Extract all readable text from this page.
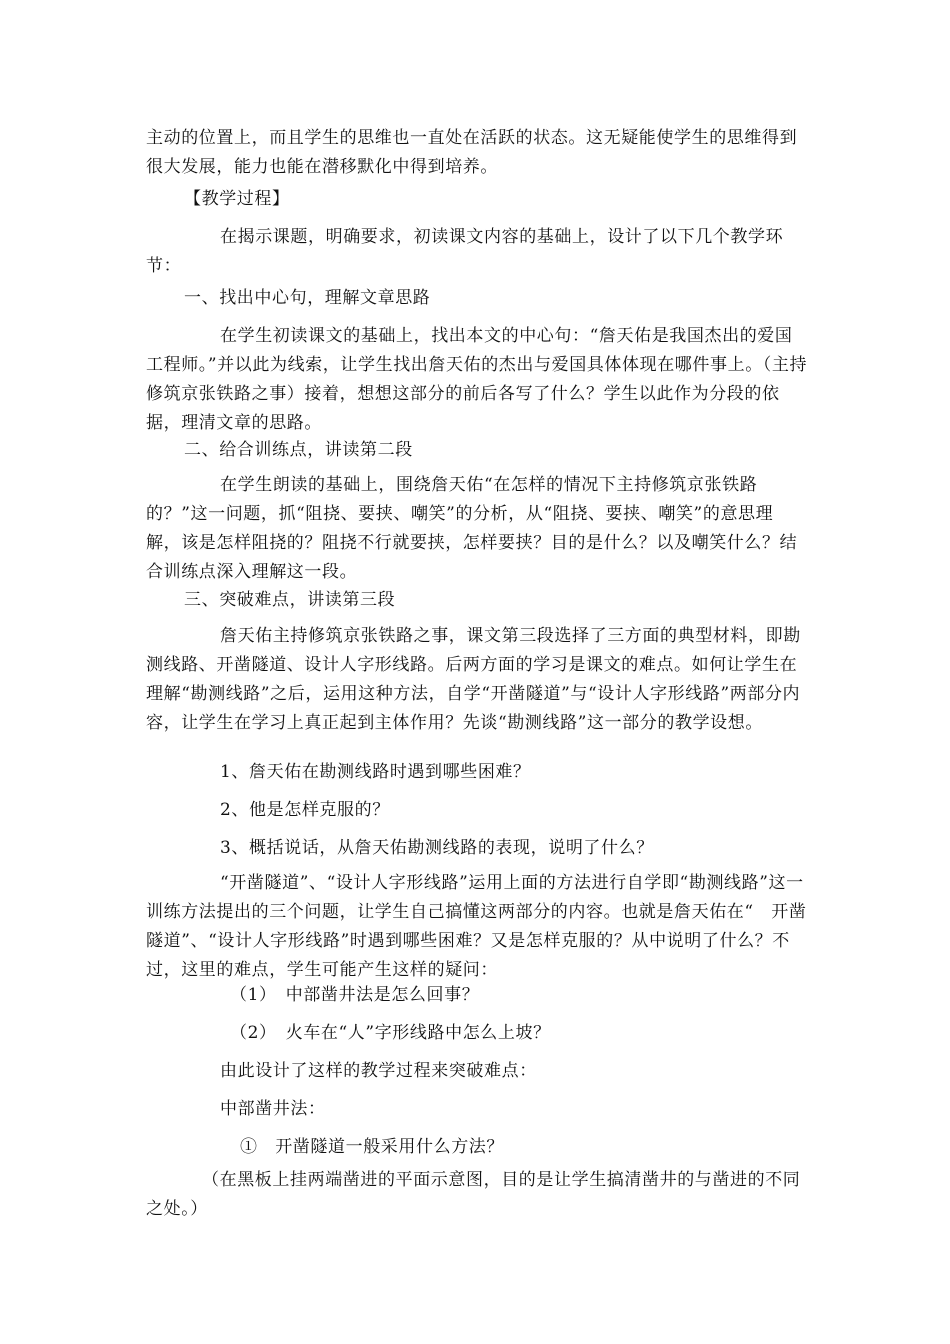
主动的位置上，而且学生的思维也一直处在活跃的状态。这无疑能使学生的思维得到很大发展，能力也能在潜移默化中得到培养。
【教学过程】
在揭示课题，明确要求，初读课文内容的基础上，设计了以下几个教学环节：
一、找出中心句，理解文章思路
在学生初读课文的基础上，找出本文的中心句：“詹天佑是我国杰出的爱国工程师。”并以此为线索，让学生找出詹天佑的杰出与爱国具体体现在哪件事上。（主持修筑京张铁路之事）接着，想想这部分的前后各写了什么？学生以此作为分段的依据，理清文章的思路。
二、给合训练点，讲读第二段
在学生朗读的基础上，围绕詹天佑“在怎样的情况下主持修筑京张铁路的？”这一问题，抓“阻挠、要挟、嘲笑”的分析，从“阻挠、要挟、嘲笑”的意思理解，该是怎样阻挠的？阻挠不行就要挟，怎样要挟？目的是什么？以及嘲笑什么？结合训练点深入理解这一段。
三、突破难点，讲读第三段
詹天佑主持修筑京张铁路之事，课文第三段选择了三方面的典型材料，即勘测线路、开凿隧道、设计人字形线路。后两方面的学习是课文的难点。如何让学生在理解“勘测线路”之后，运用这种方法，自学“开凿隧道”与“设计人字形线路”两部分内容，让学生在学习上真正起到主体作用？先谈“勘测线路”这一部分的教学设想。
1、詹天佑在勘测线路时遇到哪些困难？
2、他是怎样克服的？
3、概括说话，从詹天佑勘测线路的表现，说明了什么？
“开凿隧道”、“设计人字形线路”运用上面的方法进行自学即“勘测线路”这一训练方法提出的三个问题，让学生自己搞懂这两部分的内容。也就是詹天佑在“　开凿隧道”、“设计人字形线路”时遇到哪些困难？又是怎样克服的？从中说明了什么？不过，这里的难点，学生可能产生这样的疑问：
（1）　中部凿井法是怎么回事？
（2）　火车在“人”字形线路中怎么上坡？
由此设计了这样的教学过程来突破难点：
中部凿井法：
①　开凿隧道一般采用什么方法？
（在黑板上挂两端凿进的平面示意图，目的是让学生搞清凿井的与凿进的不同之处。）
